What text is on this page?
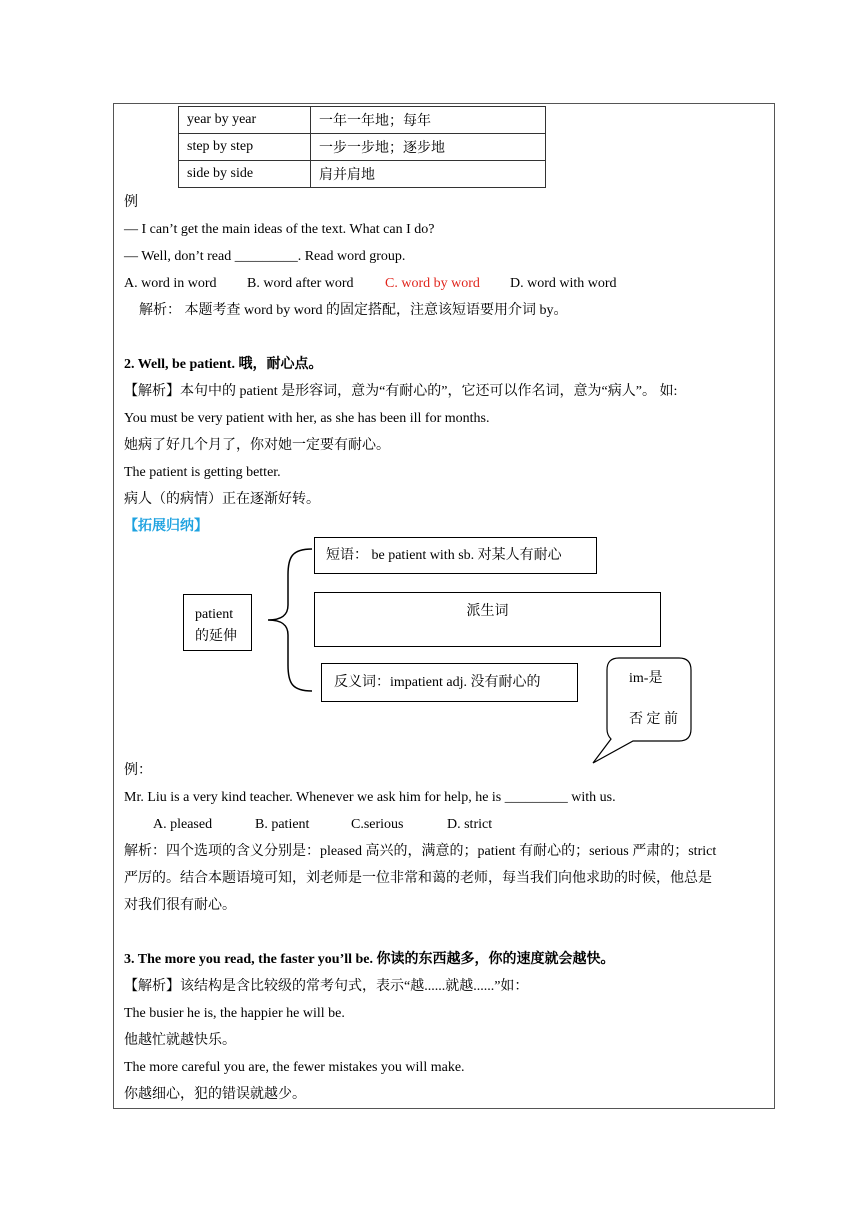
year by year	一年一年地；每年
step by step	一步一步地；逐步地
side by side	肩并肩地
例
— I can’t get the main ideas of the text. What can I do?
— Well, don’t read _________. Read word group.
A. word in word B. word after word C. word by word D. word with word
解析： 本题考查 word by word 的固定搭配，注意该短语要用介词 by。
2. Well, be patient. 哦，耐心点。
【解析】本句中的 patient 是形容词，意为“有耐心的”，它还可以作名词，意为“病人”。 如:
You must be very patient with her, as she has been ill for months.
她病了好几个月了，你对她一定要有耐心。
The patient is getting better.
病人（的病情）正在逐渐好转。
【拓展归纳】
patient
的延伸
短语： be patient with sb. 对某人有耐心
派生词
反义词：impatient adj. 没有耐心的	im-是
否 定 前
例：
Mr. Liu is a very kind teacher. Whenever we ask him for help, he is _________ with us.
A. pleased	B. patient	C.serious	D. strict
解析：四个选项的含义分别是：pleased 高兴的，满意的；patient 有耐心的；serious 严肃的；strict
严厉的。结合本题语境可知，刘老师是一位非常和蔼的老师，每当我们向他求助的时候，他总是
对我们很有耐心。
3. The more you read, the faster you’ll be. 你读的东西越多，你的速度就会越快。
【解析】该结构是含比较级的常考句式，表示“越......就越......”如：
The busier he is, the happier he will be.
他越忙就越快乐。
The more careful you are, the fewer mistakes you will make.
你越细心，犯的错误就越少。
